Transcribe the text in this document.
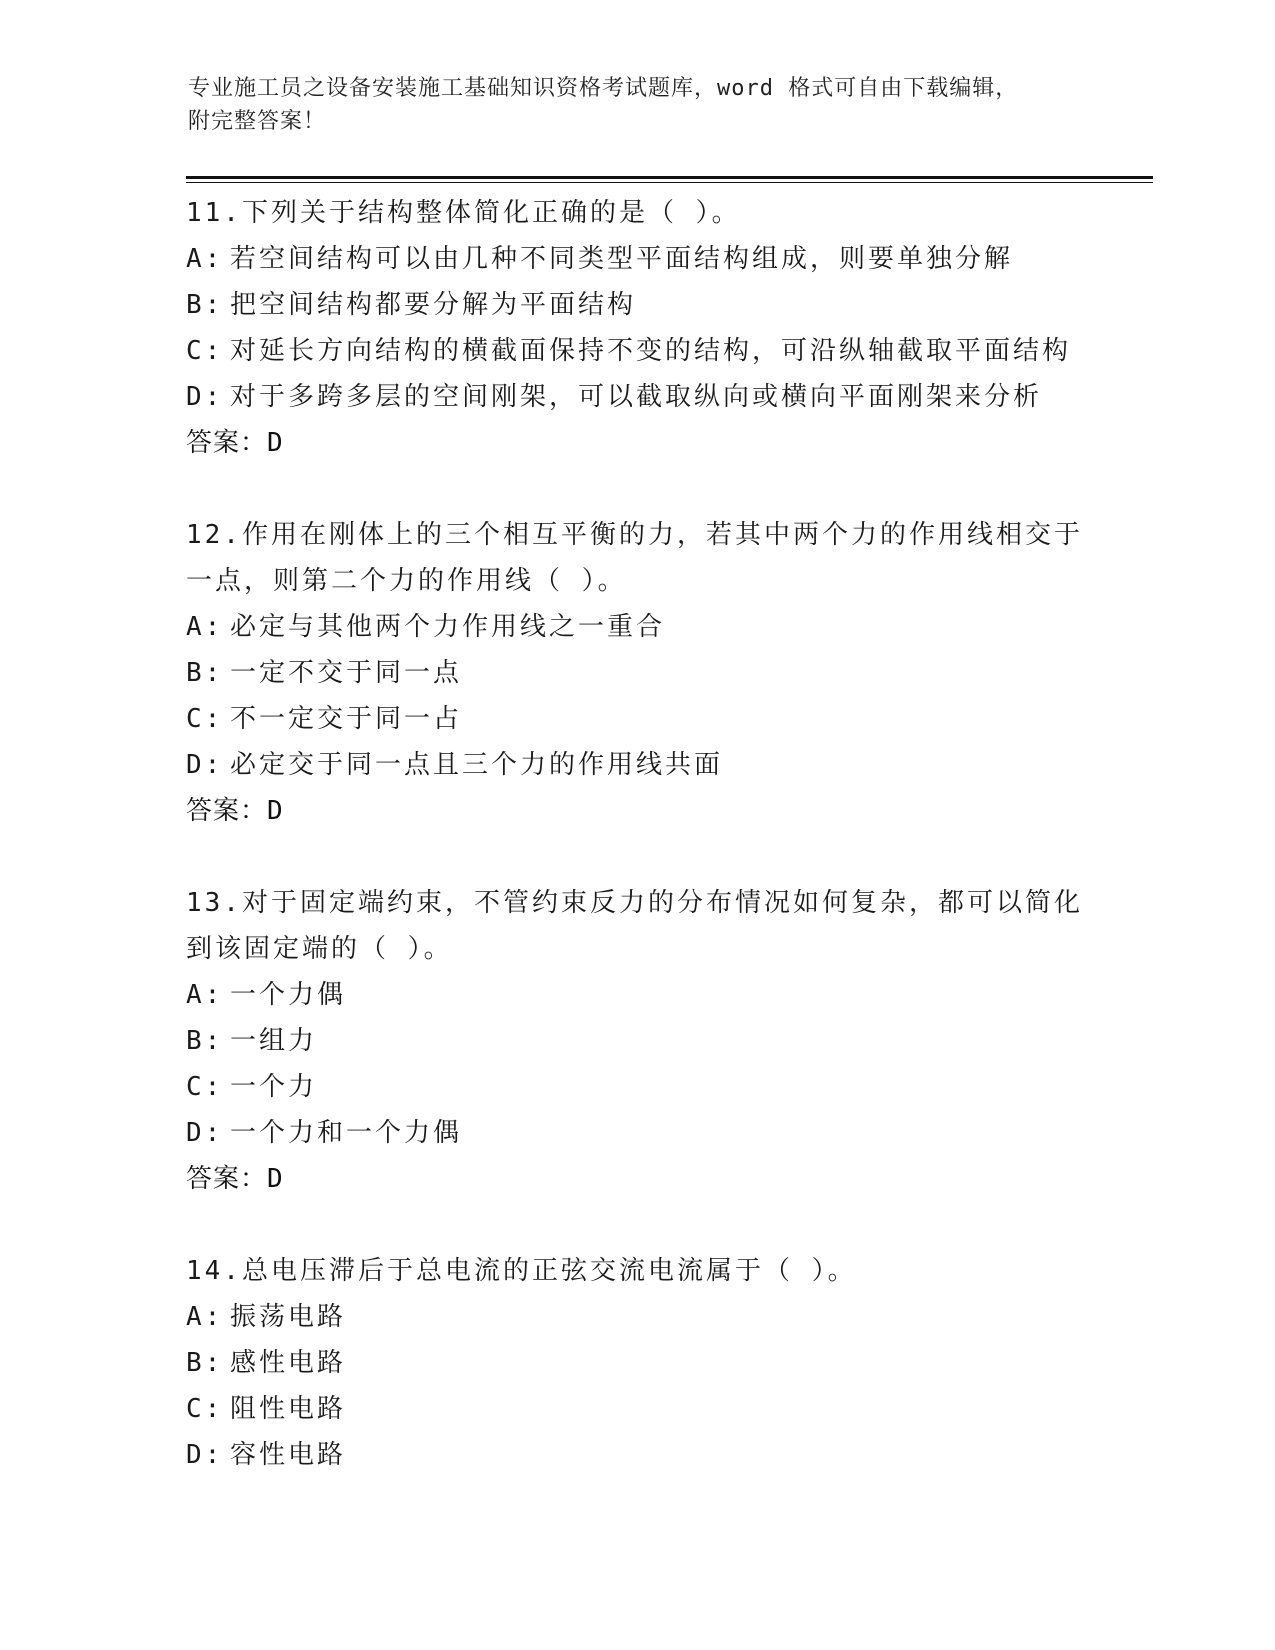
专业施工员之设备安装施工基础知识资格考试题库，word 格式可自由下载编辑，
附完整答案！
11.下列关于结构整体简化正确的是（ ）。
A: 若空间结构可以由几种不同类型平面结构组成，则要单独分解
B: 把空间结构都要分解为平面结构
C: 对延长方向结构的横截面保持不变的结构，可沿纵轴截取平面结构
D: 对于多跨多层的空间刚架，可以截取纵向或横向平面刚架来分析
答案：D
12.作用在刚体上的三个相互平衡的力，若其中两个力的作用线相交于一点，则第二个力的作用线（ ）。
A: 必定与其他两个力作用线之一重合
B: 一定不交于同一点
C: 不一定交于同一占
D: 必定交于同一点且三个力的作用线共面
答案：D
13.对于固定端约束，不管约束反力的分布情况如何复杂，都可以简化到该固定端的（ ）。
A: 一个力偶
B: 一组力
C: 一个力
D: 一个力和一个力偶
答案：D
14.总电压滞后于总电流的正弦交流电流属于（ ）。
A: 振荡电路
B: 感性电路
C: 阻性电路
D: 容性电路
